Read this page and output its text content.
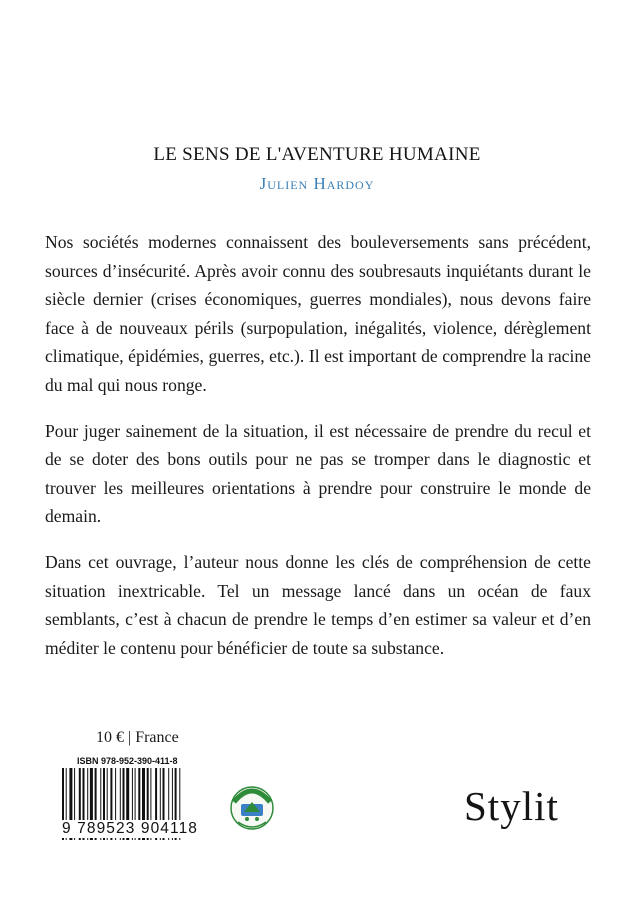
LE SENS DE L'AVENTURE HUMAINE
Julien Hardoy

Nos sociétés modernes connaissent des bouleversements sans précédent, sources d’insécurité. Après avoir connu des soubresauts inquiétants durant le siècle dernier (crises économiques, guerres mondiales), nous devons faire face à de nouveaux périls (surpopulation, inégalités, violence, dérèglement climatique, épidémies, guerres, etc.). Il est important de comprendre la racine du mal qui nous ronge.

Pour juger sainement de la situation, il est nécessaire de prendre du recul et de se doter des bons outils pour ne pas se tromper dans le diagnostic et trouver les meilleures orientations à prendre pour construire le monde de demain.

Dans cet ouvrage, l’auteur nous donne les clés de compréhension de cette situation inextricable. Tel un message lancé dans un océan de faux semblants, c’est à chacun de prendre le temps d’en estimer sa valeur et d’en méditer le contenu pour bénéficier de toute sa substance.

10 € | France
ISBN 978-952-390-411-8
9 789523 904118	Stylit
